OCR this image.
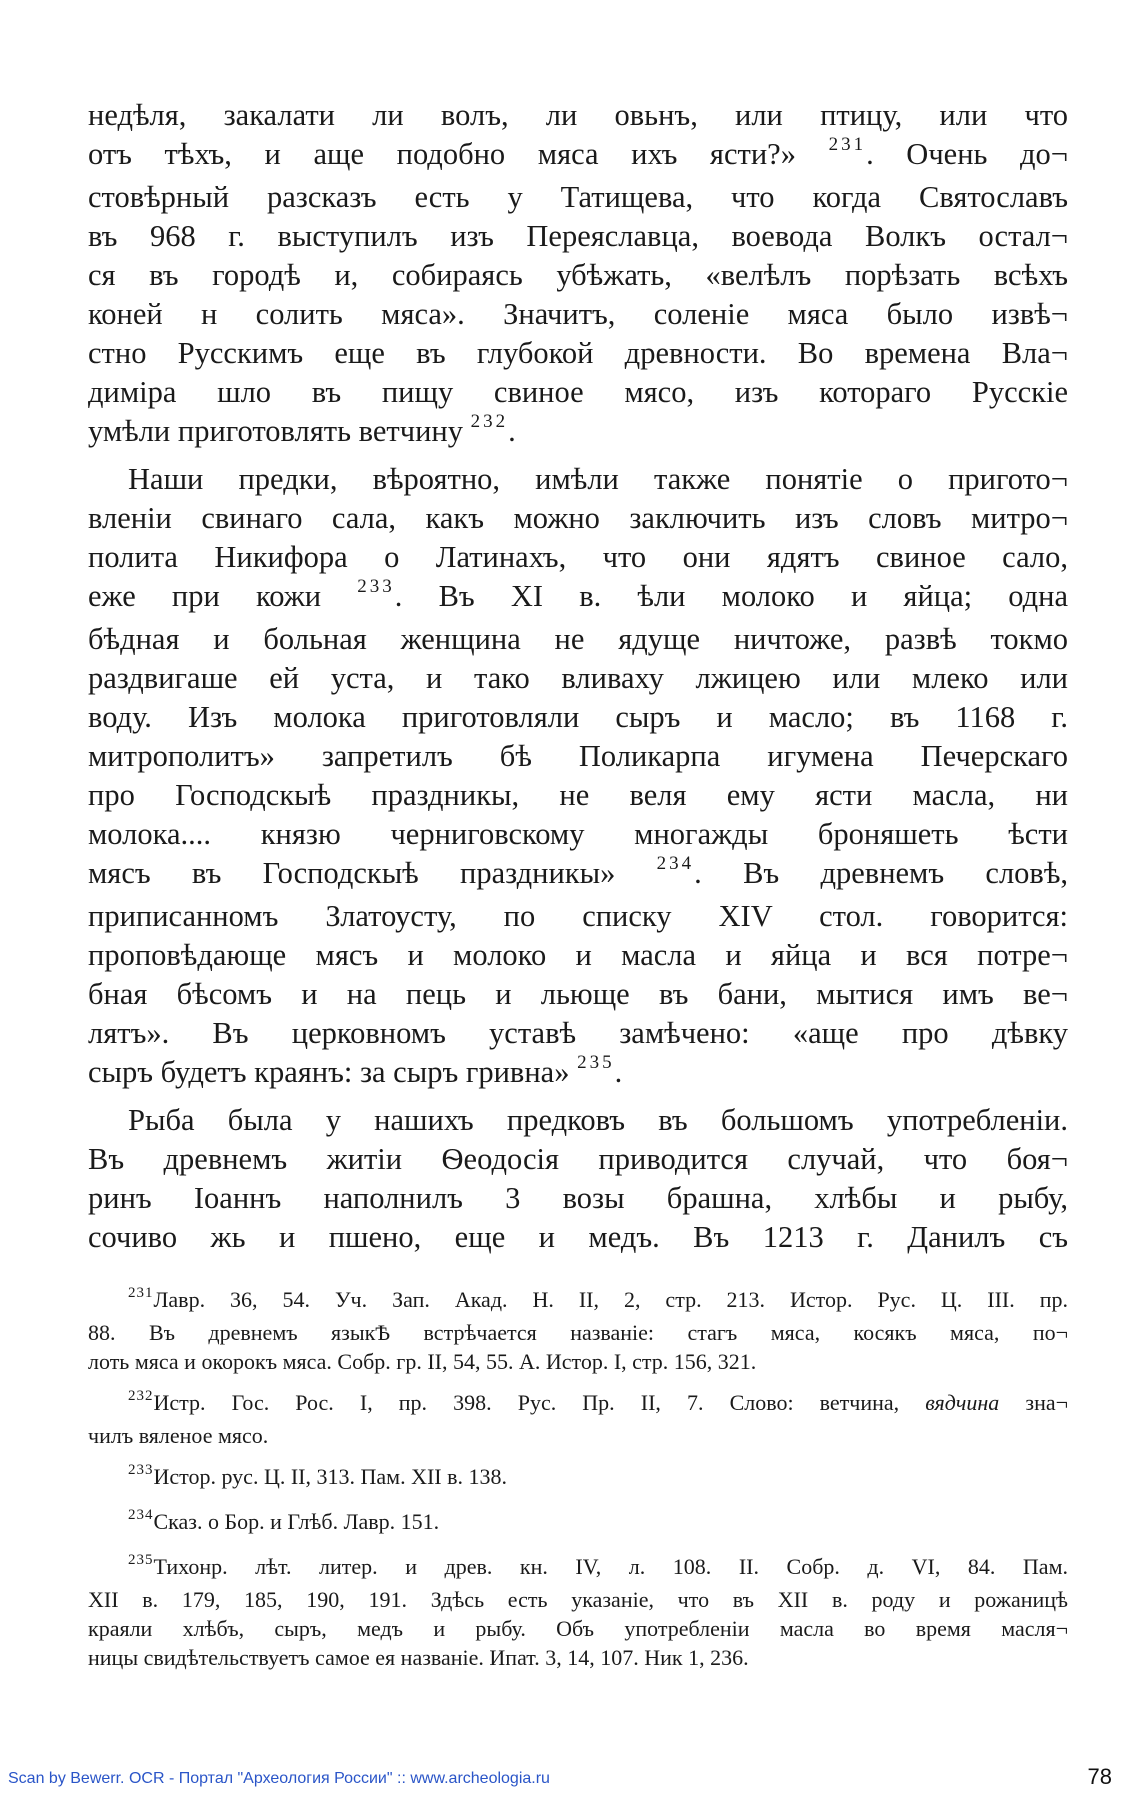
недѣля, закалати ли волъ, ли овьнъ, или птицу, или что
отъ тѣхъ, и аще подобно мяса ихъ ясти?» $^{231}$. Очень до¬
стовѣрный разсказъ есть у Татищева, что когда Святославъ
въ 968 г. выступилъ изъ Переяславца, воевода Волкъ остал¬
ся въ городѣ и, собираясь убѣжать, «велѣлъ порѣзать всѣхъ
коней н солить мяса». Значитъ, соленіе мяса было извѣ¬
стно Русскимъ еще въ глубокой древности. Во времена Вла¬
диміра шло въ пищу свиное мясо, изъ котораго Русскіе
умѣли приготовлять ветчину $^{232}$.

Наши предки, вѣроятно, имѣли также понятіе о пригото¬
вленіи свинаго сала, какъ можно заключить изъ словъ митро¬
полита Никифора о Латинахъ, что они ядятъ свиное сало,
еже при кожи $^{233}$. Въ XI в. ѣли молоко и яйца; одна
бѣдная и больная женщина не ядуще ничтоже, развѣ токмо
раздвигаше ей уста, и тако вливаху лжицею или млеко или
воду. Изъ молока приготовляли сыръ и масло; въ 1168 г.
митрополитъ» запретилъ бѣ Поликарпа игумена Печерскаго
про Господскыѣ праздникы, не веля ему ясти масла, ни
молока.... князю черниговскому многажды броняшеть ѣсти
мясъ въ Господскыѣ праздникы» $^{234}$. Въ древнемъ словѣ,
приписанномъ Златоусту, по списку XIV стол. говорится:
проповѣдающе мясъ и молоко и масла и яйца и вся потре¬
бная бѣсомъ и на пець и льюще въ бани, мытися имъ ве¬
лятъ». Въ церковномъ уставѣ замѣчено: «аще про дѣвку
сыръ будетъ краянъ: за сыръ гривна» $^{235}$.

Рыба была у нашихъ предковъ въ большомъ употребленіи.
Въ древнемъ житіи Ѳеодосія приводится случай, что боя¬
ринъ Іоаннъ наполнилъ 3 возы брашна, хлѣбы и рыбу,
сочиво жь и пшено, еще и медъ. Въ 1213 г. Данилъ съ

$^{231}$Лавр. 36, 54. Уч. Зап. Акад. Н. II, 2, стр. 213. Истор. Рус. Ц. III. пр.
88. Въ древнемъ языкѢ встрѣчается названіе: стагъ мяса, косякъ мяса, по¬
лоть мяса и окорокъ мяса. Собр. гр. II, 54, 55. А. Истор. I, стр. 156, 321.

$^{232}$Истр. Гос. Рос. I, пр. 398. Рус. Пр. II, 7. Слово: ветчина, вядчина зна¬
чилъ вяленое мясо.

$^{233}$Истор. рус. Ц. II, 313. Пам. XII в. 138.

$^{234}$Сказ. о Бор. и Глѣб. Лавр. 151.

$^{235}$Тихонр. лѣт. литер. и древ. кн. IV, л. 108. II. Собр. д. VI, 84. Пам.
XII в. 179, 185, 190, 191. Здѣсь есть указаніе, что въ XII в. роду и рожаницѣ
краяли хлѣбъ, сыръ, медъ и рыбу. Объ употребленіи масла во время масля¬
ницы свидѣтельствуетъ самое ея названіе. Ипат. 3, 14, 107. Ник 1, 236.

Scan by Bewerr. OCR - Портал "Археология России" :: www.archeologia.ru	78
